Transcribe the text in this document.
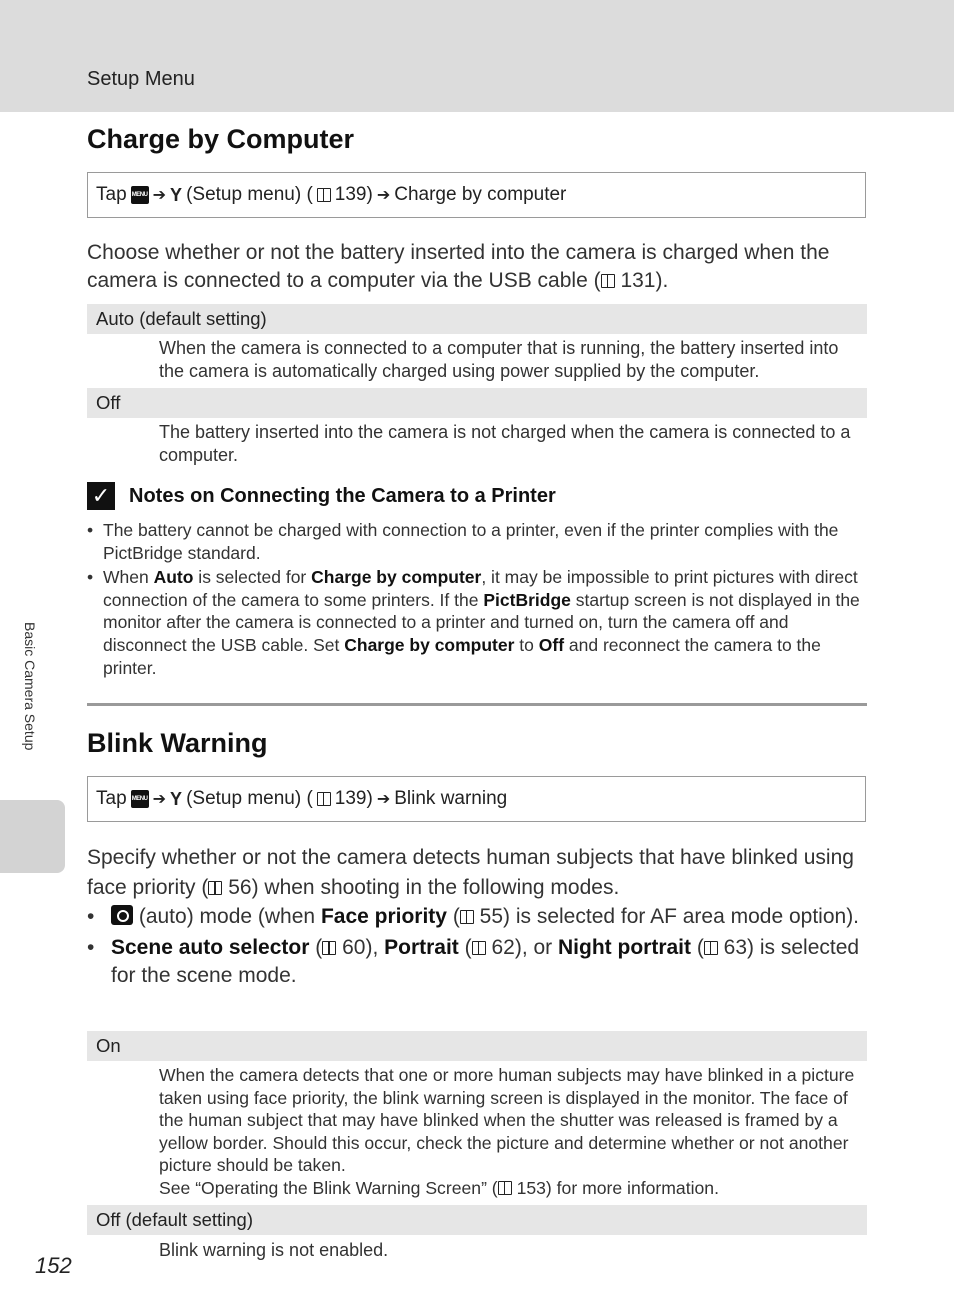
Setup Menu
Basic Camera Setup
Charge by Computer
Tap MENU ➔ Y (Setup menu) ( 139) ➔ Charge by computer
Choose whether or not the battery inserted into the camera is charged when the camera is connected to a computer via the USB cable ( 131).
Auto (default setting)
When the camera is connected to a computer that is running, the battery inserted into the camera is automatically charged using power supplied by the computer.
Off
The battery inserted into the camera is not charged when the camera is connected to a computer.
✓ Notes on Connecting the Camera to a Printer
• The battery cannot be charged with connection to a printer, even if the printer complies with the PictBridge standard.
• When Auto is selected for Charge by computer, it may be impossible to print pictures with direct connection of the camera to some printers. If the PictBridge startup screen is not displayed in the monitor after the camera is connected to a printer and turned on, turn the camera off and disconnect the USB cable. Set Charge by computer to Off and reconnect the camera to the printer.
Blink Warning
Tap MENU ➔ Y (Setup menu) ( 139) ➔ Blink warning
Specify whether or not the camera detects human subjects that have blinked using face priority ( 56) when shooting in the following modes.
• (auto) mode (when Face priority ( 55) is selected for AF area mode option).
• Scene auto selector ( 60), Portrait ( 62), or Night portrait ( 63) is selected for the scene mode.
On
When the camera detects that one or more human subjects may have blinked in a picture taken using face priority, the blink warning screen is displayed in the monitor. The face of the human subject that may have blinked when the shutter was released is framed by a yellow border. Should this occur, check the picture and determine whether or not another picture should be taken.
See “Operating the Blink Warning Screen” ( 153) for more information.
Off (default setting)
Blink warning is not enabled.
152
